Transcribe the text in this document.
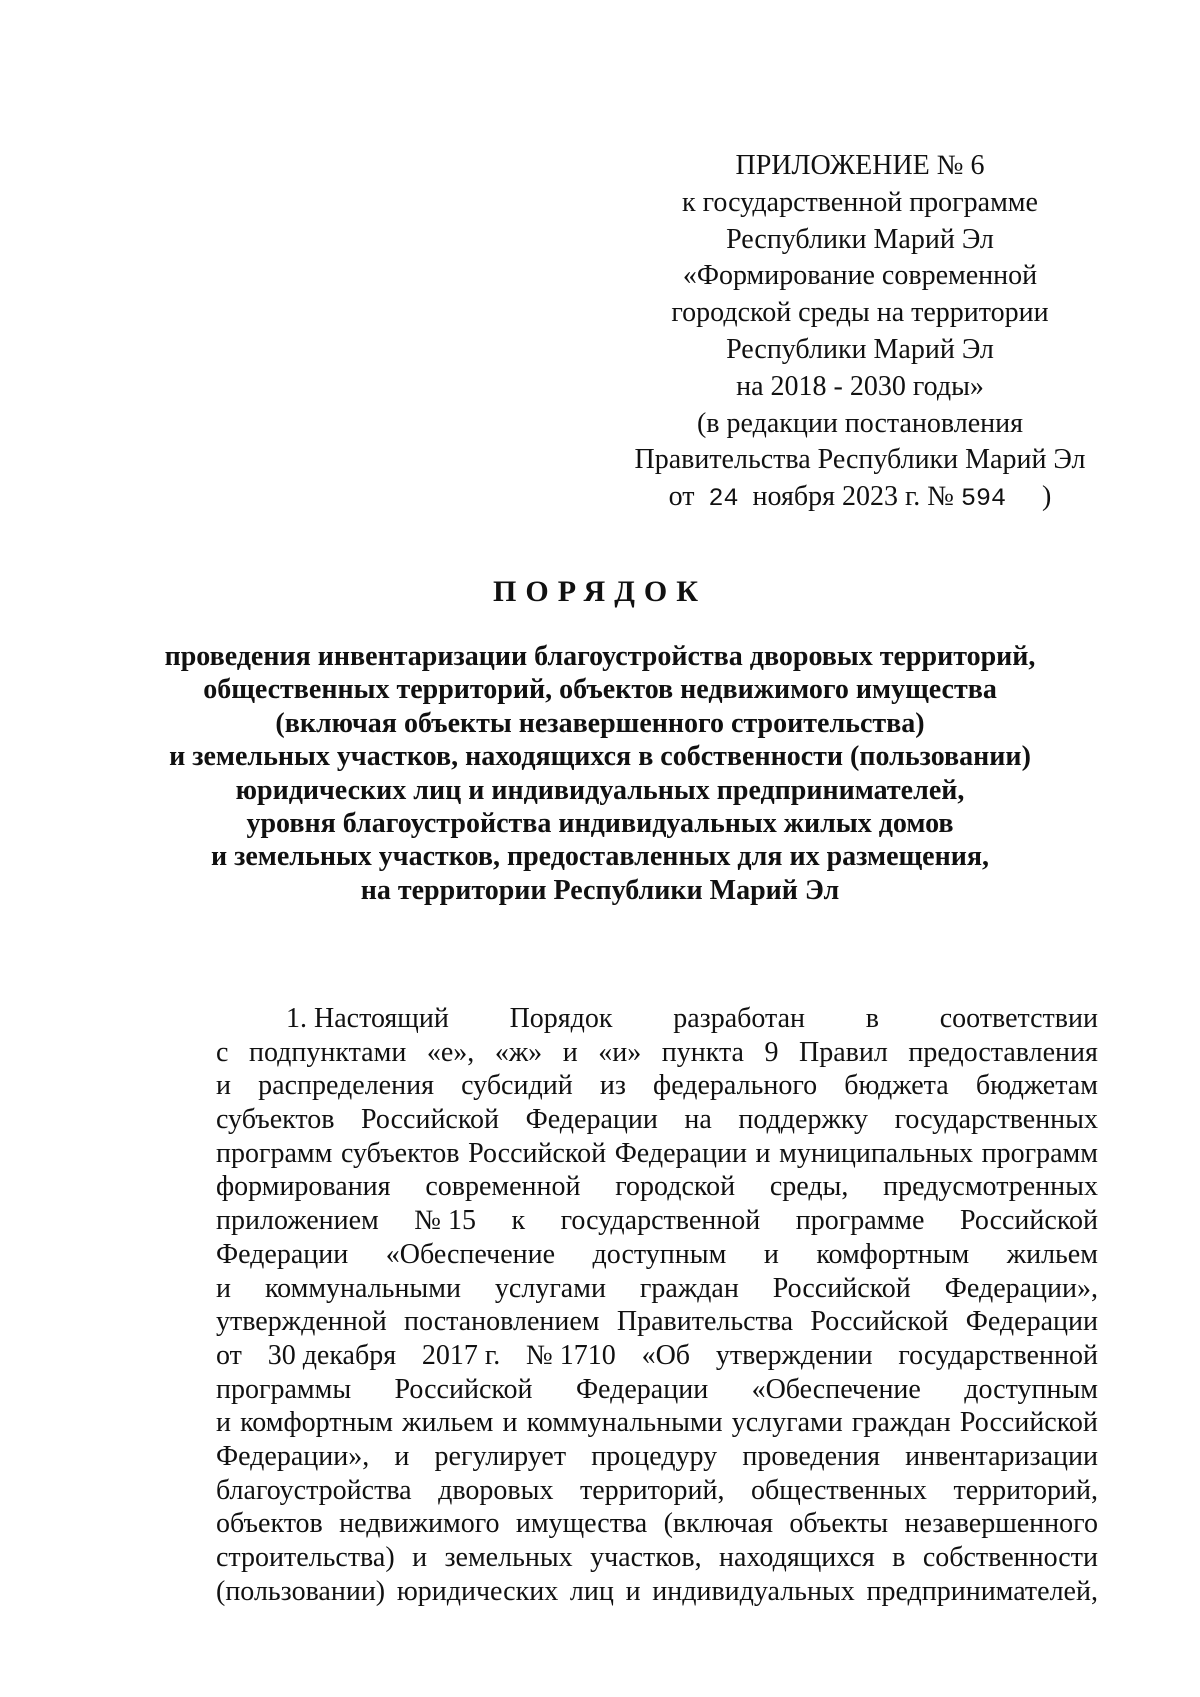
ПРИЛОЖЕНИЕ № 6
к государственной программе
Республики Марий Эл
«Формирование современной
городской среды на территории
Республики Марий Эл
на 2018 - 2030 годы»
(в редакции постановления
Правительства Республики Марий Эл
от 24 ноября 2023 г. № 594 )
ПОРЯДОК
проведения инвентаризации благоустройства дворовых территорий,
общественных территорий, объектов недвижимого имущества
(включая объекты незавершенного строительства)
и земельных участков, находящихся в собственности (пользовании)
юридических лиц и индивидуальных предпринимателей,
уровня благоустройства индивидуальных жилых домов
и земельных участков, предоставленных для их размещения,
на территории Республики Марий Эл
1. Настоящий Порядок разработан в соответствии
с подпунктами «е», «ж» и «и» пункта 9 Правил предоставления
и распределения субсидий из федерального бюджета бюджетам
субъектов Российской Федерации на поддержку государственных
программ субъектов Российской Федерации и муниципальных программ
формирования современной городской среды, предусмотренных
приложением № 15 к государственной программе Российской
Федерации «Обеспечение доступным и комфортным жильем
и коммунальными услугами граждан Российской Федерации»,
утвержденной постановлением Правительства Российской Федерации
от 30 декабря 2017 г. № 1710 «Об утверждении государственной
программы Российской Федерации «Обеспечение доступным
и комфортным жильем и коммунальными услугами граждан Российской
Федерации», и регулирует процедуру проведения инвентаризации
благоустройства дворовых территорий, общественных территорий,
объектов недвижимого имущества (включая объекты незавершенного
строительства) и земельных участков, находящихся в собственности
(пользовании) юридических лиц и индивидуальных предпринимателей,
